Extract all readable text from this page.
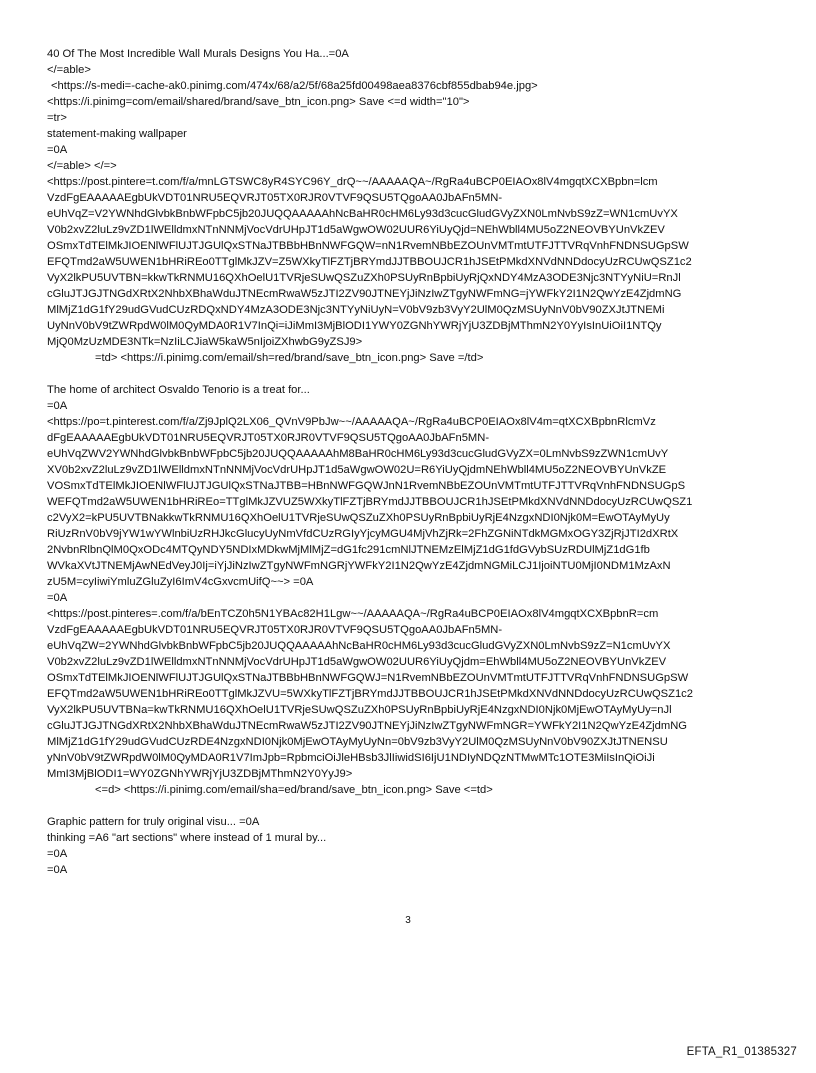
40 Of The Most Incredible Wall Murals Designs You Ha...=0A
</=able>
<https://s-medi=-cache-ak0.pinimg.com/474x/68/a2/5f/68a25fd00498aea8376cbf855dbab94e.jpg>
<https://i.pinimg=com/email/shared/brand/save_btn_icon.png> Save <=d width="10">
=tr>
statement-making wallpaper
=0A
</=able> </=>
<https://post.pintere=t.com/f/a/mnLGTSWC8yR4SYC96Y_drQ~~/AAAAAQA~/RgRa4uBCP0EIAOx8lV4mgqtXCXBpbn=lcm
VzdFgEAAAAAEgbUkVDT01NRU5EQVRJT05TX0RJR0VTVF9QSU5TQgoAA0JbAFn5MN-
eUhVqZ=V2YWNhdGlvbkBnbWFpbC5jb20JUQQAAAAAhNcBaHR0cHM6Ly93d3cucGludGVyZXN0LmNvbS9zZ=WN1cmUvYX
V0b2xvZ2luLz9vZD1lWElldmxNTnNNMjVocVdrUHpJT1d5aWgwOW02UUR6YiUyQjd=NEhWbll4MU5oZ2NEOVBYUnVkZEV
OSmxTdTElMkJIOENlWFlUJTJGUlQxSTNaJTBBbHBnNWFGQW=nN1RvemNBbEZOUnVMTmtUTFJTTVRqVnhFNDNSUGpSW
EFQTmd2aW5UWEN1bHRiREo0TTglMkJZV=Z5WXkyTlFZTjBRYmdJJTBBOUJCR1hJSEtPMkdXNVdNNDdocyUzRCUwQSZ1c2
VyX2lkPU5UVTBN=kkwTkRNMU16QXhOelU1TVRjeSUwQSZuZXh0PSUyRnBpbiUyRjQxNDY4MzA3ODE3Njc3NTYyNiU=RnJl
cGluJTJGJTNGdXRtX2NhbXBhaWduJTNEcmRwaW5zJTI2ZV90JTNEYjJiNzIwZTgyNWFmNG=jYWFkY2I1N2QwYzE4ZjdmNG
MlMjZ1dG1fY29udGVudCUzRDQxNDY4MzA3ODE3Njc3NTYyNiUyN=V0bV9zb3VyY2UlM0QzMSUyNnV0bV90ZXJtJTNEMi
UyNnV0bV9tZWRpdW0lM0QyMDA0R1V7InQi=iJiMmI3MjBlODI1YWY0ZGNhYWRjYjU3ZDBjMThmN2Y0YyIsInUiOiI1NTQy
MjQ0MzUzMDE3NTk=NzIiLCJiaW5kaW5nIjoiZXhwbG9yZSJ9>
=td> <https://i.pinimg.com/email/sh=red/brand/save_btn_icon.png> Save =/td>
The home of architect Osvaldo Tenorio is a treat for...
=0A
<https://po=t.pinterest.com/f/a/Zj9JplQ2LX06_QVnV9PbJw~~/AAAAAQA~/RgRa4uBCP0EIAOx8lV4m=qtXCXBpbnRlcmVz
dFgEAAAAAEgbUkVDT01NRU5EQVRJT05TX0RJR0VTVF9QSU5TQgoAA0JbAFn5MN-
eUhVqZWV2YWNhdGlvbkBnbWFpbC5jb20JUQQAAAAAhM8BaHR0cHM6Ly93d3cucGludGVyZX=0LmNvbS9zZWN1cmUvY
XV0b2xvZ2luLz9vZD1lWElldmxNTnNNMjVocVdrUHpJT1d5aWgwOW02U=R6YiUyQjdmNEhWbll4MU5oZ2NEOVBYUnVkZE
VOSmxTdTElMkJIOENlWFlUJTJGUlQxSTNaJTBB=HBnNWFGQWJnN1RvemNBbEZOUnVMTmtUTFJTTVRqVnhFNDNSUGpS
WEFQTmd2aW5UWEN1bHRiREo=TTglMkJZVUZ5WXkyTlFZTjBRYmdJJTBBOUJCR1hJSEtPMkdXNVdNNDdocyUzRCUwQSZ1
c2VyX2=kPU5UVTBNakkwTkRNMU16QXhOelU1TVRjeSUwQSZuZXh0PSUyRnBpbiUyRjE4NzgxNDI0Njk0M=EwOTAyMyUy
RiUzRnV0bV9jYW1wYWlnbiUzRHJkcGlucyUyNmVfdCUzRGIyYjcyMGU4MjVhZjRk=2FhZGNiNTdkMGMxOGY3ZjRjJTI2dXRtX
2NvbnRlbnQlM0QxODc4MTQyNDY5NDIxMDkwMjMlMjZ=dG1fc291cmNlJTNEMzElMjZ1dG1fdGVybSUzRDUlMjZ1dG1fb
WVkaXVtJTNEMjAwNEdVeyJ0Ij=iYjJiNzIwZTgyNWFmNGRjYWFkY2I1N2QwYzE4ZjdmNGMiLCJ1IjoiNTU0MjI0NDM1MzAxN
zU5M=cyIiwiYmluZGluZyI6ImV4cGxvcmUifQ~~> =0A
=0A
<https://post.pinteres=.com/f/a/bEnTCZ0h5N1YBAc82H1Lgw~~/AAAAAQA~/RgRa4uBCP0EIAOx8lV4mgqtXCXBpbnR=cm
VzdFgEAAAAAEgbUkVDT01NRU5EQVRJT05TX0RJR0VTVF9QSU5TQgoAA0JbAFn5MN-
eUhVqZW=2YWNhdGlvbkBnbWFpbC5jb20JUQQAAAAAhNcBaHR0cHM6Ly93d3cucGludGVyZXN0LmNvbS9zZ=N1cmUvYX
V0b2xvZ2luLz9vZD1lWElldmxNTnNNMjVocVdrUHpJT1d5aWgwOW02UUR6YiUyQjdm=EhWbll4MU5oZ2NEOVBYUnVkZEV
OSmxTdTElMkJIOENlWFlUJTJGUlQxSTNaJTBBbHBnNWFGQWJ=N1RvemNBbEZOUnVMTmtUTFJTTVRqVnhFNDNSUGpSW
EFQTmd2aW5UWEN1bHRiREo0TTglMkJZVU=5WXkyTlFZTjBRYmdJJTBBOUJCR1hJSEtPMkdXNVdNNDdocyUzRCUwQSZ1c2
VyX2lkPU5UVTBNa=kwTkRNMU16QXhOelU1TVRjeSUwQSZuZXh0PSUyRnBpbiUyRjE4NzgxNDI0Njk0MjEwOTAyMyUy=nJl
cGluJTJGJTNGdXRtX2NhbXBhaWduJTNEcmRwaW5zJTI2ZV90JTNEYjJiNzIwZTgyNWFmNGR=YWFkY2I1N2QwYzE4ZjdmNG
MlMjZ1dG1fY29udGVudCUzRDE4NzgxNDI0Njk0MjEwOTAyMyUyNn=0bV9zb3VyY2UlM0QzMSUyNnV0bV90ZXJtJTNENSU
yNnV0bV9tZWRpdW0lM0QyMDA0R1V7ImJpb=RpbmciOiJleHBsb3JlIiwidSI6IjU1NDIyNDQzNTMwMTc1OTE3MiIsInQiOiJi
MmI3MjBlODI1=WY0ZGNhYWRjYjU3ZDBjMThmN2Y0YyJ9>
<=d> <https://i.pinimg.com/email/sha=ed/brand/save_btn_icon.png> Save <=td>
Graphic pattern for truly original visu... =0A
thinking =A6 "art sections" where instead of 1 mural by...
=0A
=0A
3
EFTA_R1_01385327
